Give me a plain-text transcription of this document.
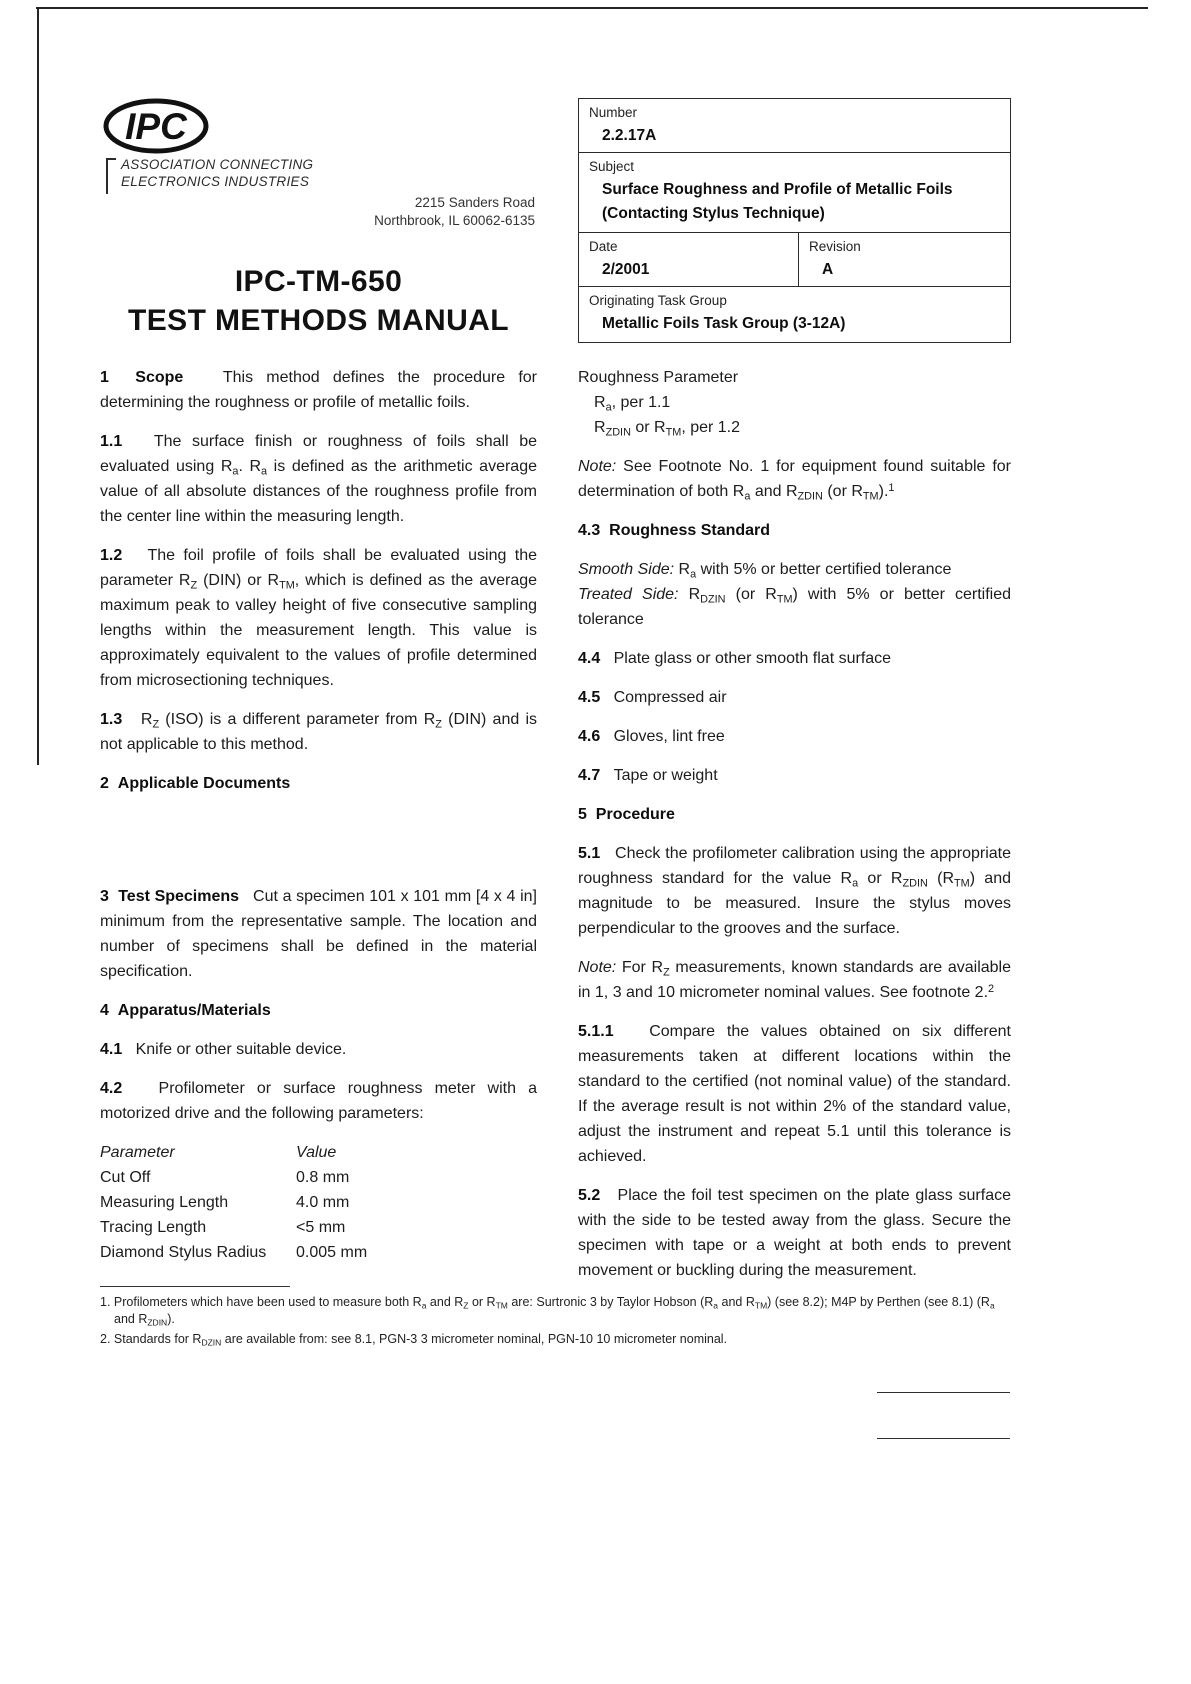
IPC
ASSOCIATION CONNECTING
ELECTRONICS INDUSTRIES
2215 Sanders Road
Northbrook, IL 60062-6135
IPC-TM-650
TEST METHODS MANUAL
Number
2.2.17A
Subject
Surface Roughness and Profile of Metallic Foils
(Contacting Stylus Technique)
Date
2/2001
Revision
A
Originating Task Group
Metallic Foils Task Group (3-12A)

1  Scope   This method defines the procedure for determining the roughness or profile of metallic foils.

1.1   The surface finish or roughness of foils shall be evaluated using $R_a$. $R_a$ is defined as the arithmetic average value of all absolute distances of the roughness profile from the center line within the measuring length.

1.2   The foil profile of foils shall be evaluated using the parameter $R_Z$ (DIN) or $R_{TM}$, which is defined as the average maximum peak to valley height of five consecutive sampling lengths within the measurement length. This value is approximately equivalent to the values of profile determined from microsectioning techniques.

1.3   $R_Z$ (ISO) is a different parameter from $R_Z$ (DIN) and is not applicable to this method.

2  Applicable Documents

3  Test Specimens   Cut a specimen 101 x 101 mm [4 x 4 in] minimum from the representative sample. The location and number of specimens shall be defined in the material specification.

4  Apparatus/Materials

4.1   Knife or other suitable device.

4.2   Profilometer or surface roughness meter with a motorized drive and the following parameters:

Parameter	Value
Cut Off	0.8 mm
Measuring Length	4.0 mm
Tracing Length	<5 mm
Diamond Stylus Radius	0.005 mm

Roughness Parameter
$R_a$, per 1.1
$R_{ZDIN}$ or $R_{TM}$, per 1.2

Note: See Footnote No. 1 for equipment found suitable for determination of both $R_a$ and $R_{ZDIN}$ (or $R_{TM}).^1$

4.3  Roughness Standard

Smooth Side: $R_a$ with 5% or better certified tolerance
Treated Side: $R_{DZIN}$ (or $R_{TM}$) with 5% or better certified tolerance

4.4   Plate glass or other smooth flat surface

4.5   Compressed air

4.6   Gloves, lint free

4.7   Tape or weight

5  Procedure

5.1   Check the profilometer calibration using the appropriate roughness standard for the value $R_a$ or $R_{ZDIN}$ $(R_{TM})$ and magnitude to be measured. Insure the stylus moves perpendicular to the grooves and the surface.

Note: For $R_Z$ measurements, known standards are available in 1, 3 and 10 micrometer nominal values. See footnote 2.$^2$

5.1.1   Compare the values obtained on six different measurements taken at different locations within the standard to the certified (not nominal value) of the standard. If the average result is not within 2% of the standard value, adjust the instrument and repeat 5.1 until this tolerance is achieved.

5.2   Place the foil test specimen on the plate glass surface with the side to be tested away from the glass. Secure the specimen with tape or a weight at both ends to prevent movement or buckling during the measurement.

1. Profilometers which have been used to measure both $R_a$ and $R_Z$ or $R_{TM}$ are: Surtronic 3 by Taylor Hobson ($R_a$ and $R_{TM}$) (see 8.2); M4P by Perthen (see 8.1) ($R_a$ and $R_{ZDIN}$).

2. Standards for $R_{DZIN}$ are available from: see 8.1, PGN-3 3 micrometer nominal, PGN-10 10 micrometer nominal.
